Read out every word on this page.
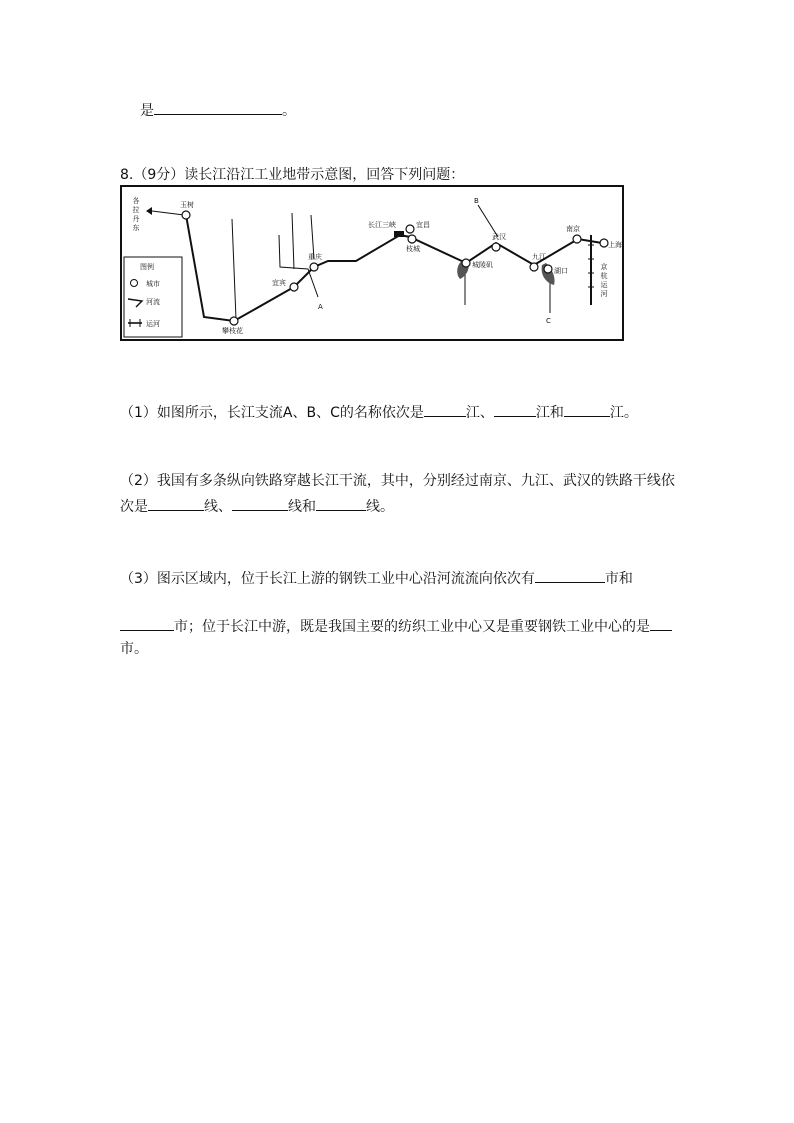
是	。
8.（9分）读长江沿江工业地带示意图，回答下列问题：
玉树
攀枝花
宜宾
重庆
长江三峡	宜昌
枝城
城陵矶
武汉
九江
湖口
南京
上海
各拉丹东
京杭运河
A
B
C
图例
城市
河流
运河
（1）如图所示，长江支流A、B、C的名称依次是	江、	江和	江。
（2）我国有多条纵向铁路穿越长江干流，其中，分别经过南京、九江、武汉的铁路干线依
次是	线、	线和	线。
（3）图示区域内，位于长江上游的钢铁工业中心沿河流流向依次有	市和
市；位于长江中游，既是我国主要的纺织工业中心又是重要钢铁工业中心的是
市。
